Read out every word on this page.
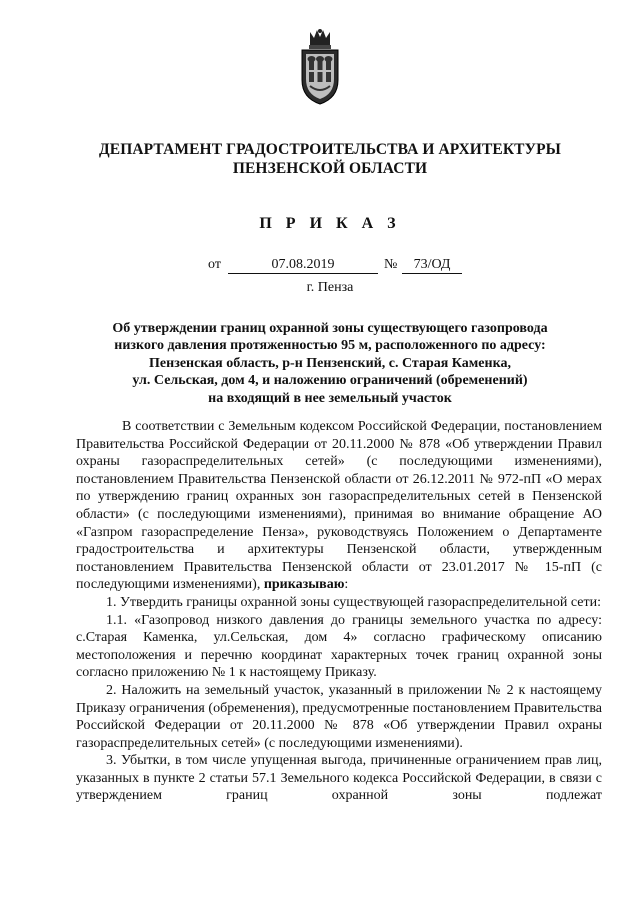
ДЕПАРТАМЕНТ ГРАДОСТРОИТЕЛЬСТВА И АРХИТЕКТУРЫ
ПЕНЗЕНСКОЙ ОБЛАСТИ
П Р И К А З
от	07.08.2019	№	73/ОД
г. Пенза
Об утверждении границ охранной зоны существующего газопровода
низкого давления протяженностью 95 м, расположенного по адресу:
Пензенская область, р-н Пензенский, с. Старая Каменка,
ул. Сельская, дом 4, и наложению ограничений (обременений)
на входящий в нее земельный участок

В соответствии с Земельным кодексом Российской Федерации, постановлением Правительства Российской Федерации от 20.11.2000 № 878 «Об утверждении Правил охраны газораспределительных сетей» (с последующими изменениями), постановлением Правительства Пензенской области от 26.12.2011 № 972-пП «О мерах по утверждению границ охранных зон газораспределительных сетей в Пензенской области» (с последующими изменениями), принимая во внимание обращение АО «Газпром газораспределение Пенза», руководствуясь Положением о Департаменте градостроительства и архитектуры Пензенской области, утвержденным постановлением Правительства Пензенской области от 23.01.2017 № 15-пП (с последующими изменениями), приказываю:

1. Утвердить границы охранной зоны существующей газораспределительной сети:

1.1. «Газопровод низкого давления до границы земельного участка по адресу: с.Старая Каменка, ул.Сельская, дом 4» согласно графическому описанию местоположения и перечню координат характерных точек границ охранной зоны согласно приложению № 1 к настоящему Приказу.

2. Наложить на земельный участок, указанный в приложении № 2 к настоящему Приказу ограничения (обременения), предусмотренные постановлением Правительства Российской Федерации от 20.11.2000 № 878 «Об утверждении Правил охраны газораспределительных сетей» (с последующими изменениями).

3. Убытки, в том числе упущенная выгода, причиненные ограничением прав лиц, указанных в пункте 2 статьи 57.1 Земельного кодекса Российской Федерации, в связи с утверждением границ охранной зоны подлежат
